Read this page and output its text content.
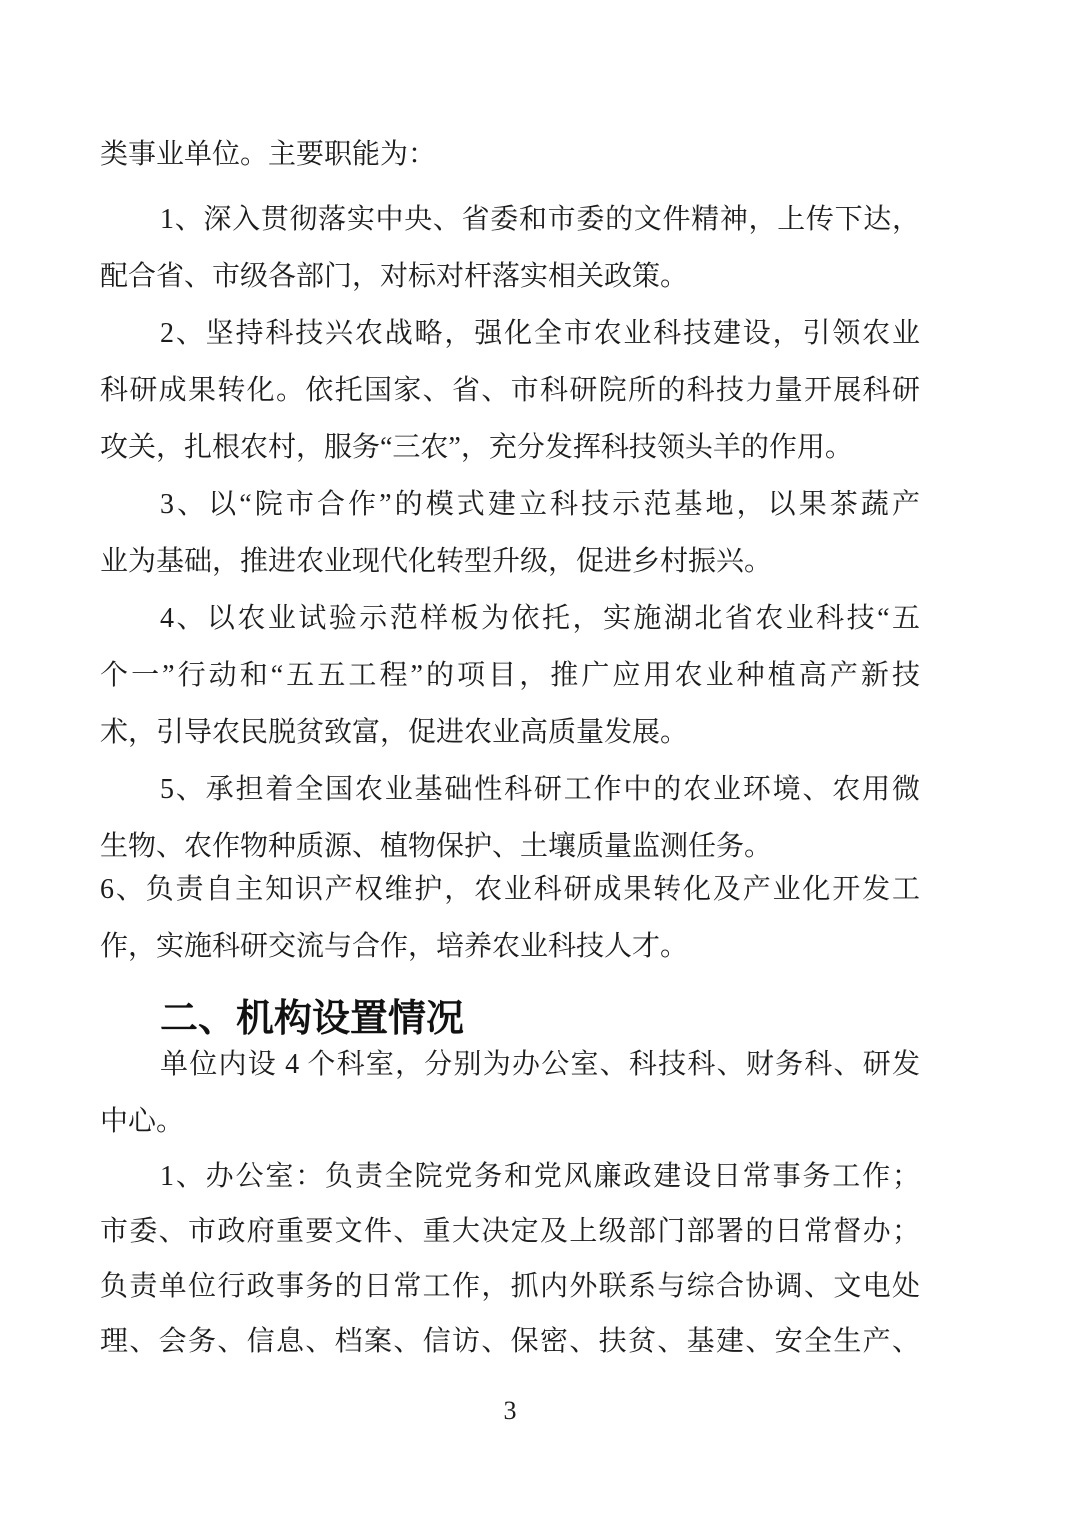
类事业单位。主要职能为：
1、深入贯彻落实中央、省委和市委的文件精神，上传下达，
配合省、市级各部门，对标对杆落实相关政策。
2、坚持科技兴农战略，强化全市农业科技建设，引领农业
科研成果转化。依托国家、省、市科研院所的科技力量开展科研
攻关，扎根农村，服务“三农”，充分发挥科技领头羊的作用。
3、以“院市合作”的模式建立科技示范基地，以果茶蔬产
业为基础，推进农业现代化转型升级，促进乡村振兴。
4、以农业试验示范样板为依托，实施湖北省农业科技“五
个一”行动和“五五工程”的项目，推广应用农业种植高产新技
术，引导农民脱贫致富，促进农业高质量发展。
5、承担着全国农业基础性科研工作中的农业环境、农用微
生物、农作物种质源、植物保护、土壤质量监测任务。
6、负责自主知识产权维护，农业科研成果转化及产业化开发工
作，实施科研交流与合作，培养农业科技人才。
二、机构设置情况
单位内设 4 个科室，分别为办公室、科技科、财务科、研发
中心。
1、办公室：负责全院党务和党风廉政建设日常事务工作；
市委、市政府重要文件、重大决定及上级部门部署的日常督办；
负责单位行政事务的日常工作，抓内外联系与综合协调、文电处
理、会务、信息、档案、信访、保密、扶贫、基建、安全生产、
3
